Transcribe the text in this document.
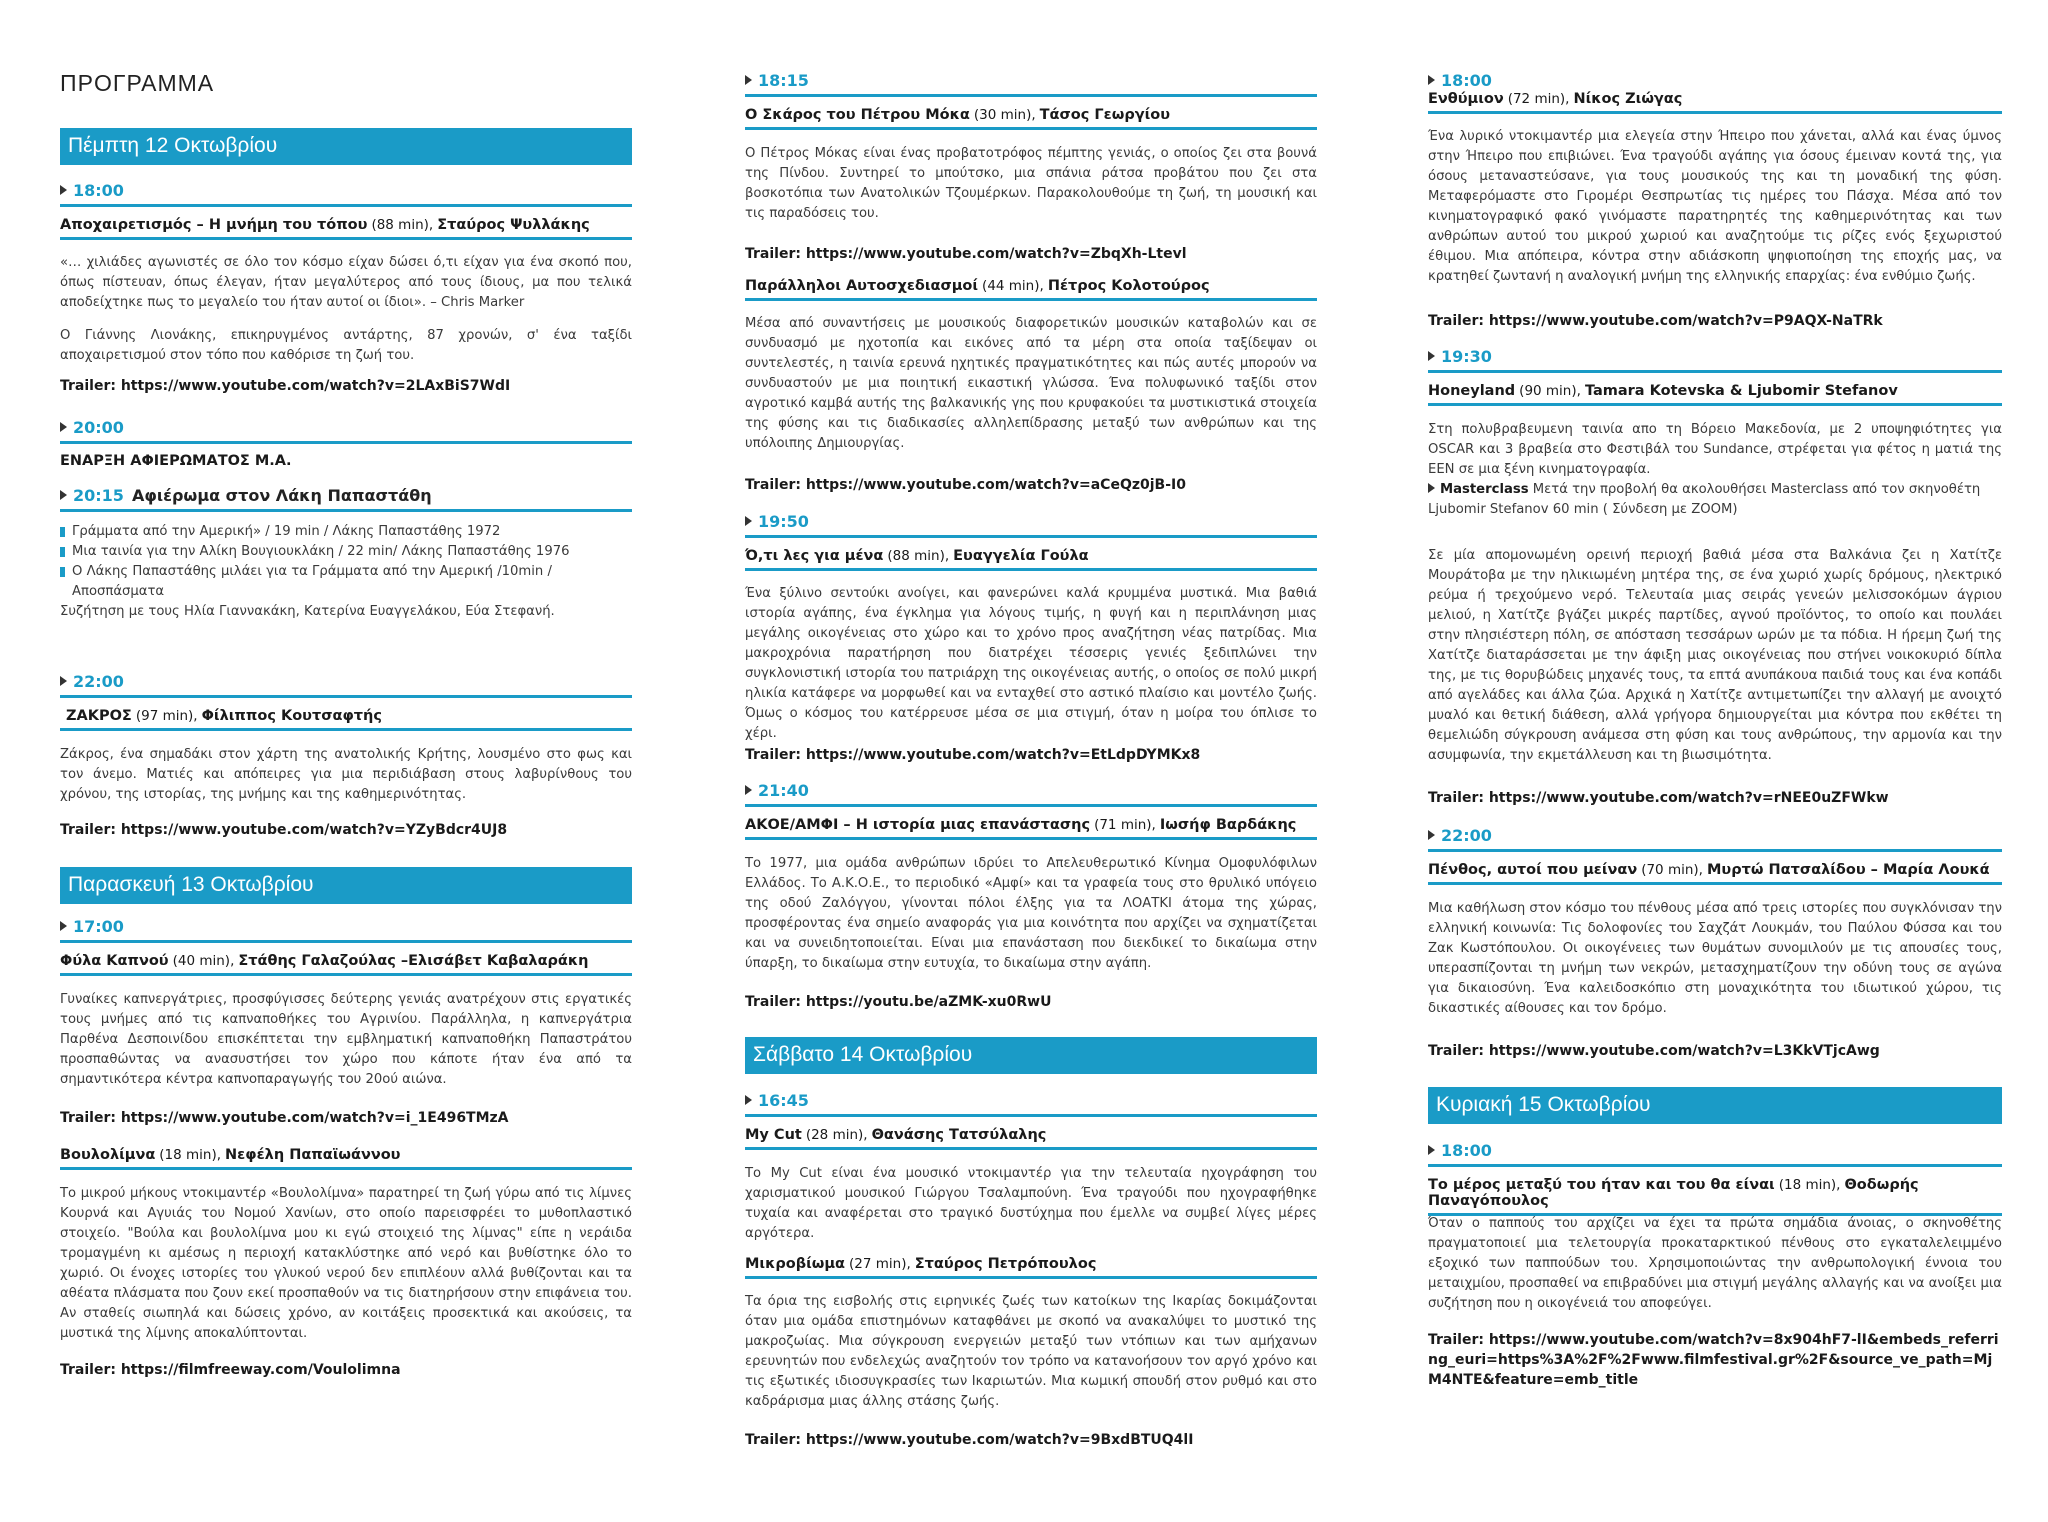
ΠΡΟΓΡΑΜΜΑ
Πέμπτη 12 Οκτωβρίου
18:00
Αποχαιρετισμός – Η μνήμη του τόπου (88 min), Σταύρος Ψυλλάκης
«… χιλιάδες αγωνιστές σε όλο τον κόσμο είχαν δώσει ό,τι είχαν για ένα σκοπό που, όπως πίστευαν, όπως έλεγαν, ήταν μεγαλύτερος από τους ίδιους, μα που τελικά αποδείχτηκε πως το μεγαλείο του ήταν αυτοί οι ίδιοι». – Chris Marker
Ο Γιάννης Λιονάκης, επικηρυγμένος αντάρτης, 87 χρονών, σ' ένα ταξίδι αποχαιρετισμού στον τόπο που καθόρισε τη ζωή του.
Trailer: https://www.youtube.com/watch?v=2LAxBiS7WdI
20:00
ΕΝΑΡΞΗ ΑΦΙΕΡΩΜΑΤΟΣ Μ.Α.
20:15 Αφιέρωμα στον Λάκη Παπαστάθη
Γράμματα από την Αμερική» / 19 min / Λάκης Παπαστάθης 1972
Μια ταινία για την Αλίκη Βουγιουκλάκη / 22 min/ Λάκης Παπαστάθης 1976
Ο Λάκης Παπαστάθης μιλάει για τα Γράμματα από την Αμερική /10min / Αποσπάσματα
Συζήτηση με τους Ηλία Γιαννακάκη, Κατερίνα Ευαγγελάκου, Εύα Στεφανή.
22:00
ΖΑΚΡΟΣ (97 min), Φίλιππος Κουτσαφτής
Ζάκρος, ένα σημαδάκι στον χάρτη της ανατολικής Κρήτης, λουσμένο στο φως και τον άνεμο. Ματιές και απόπειρες για μια περιδιάβαση στους λαβυρίνθους του χρόνου, της ιστορίας, της μνήμης και της καθημερινότητας.
Trailer: https://www.youtube.com/watch?v=YZyBdcr4UJ8
Παρασκευή 13 Οκτωβρίου
17:00
Φύλα Καπνού (40 min), Στάθης Γαλαζούλας –Ελισάβετ Καβαλαράκη
Γυναίκες καπνεργάτριες, προσφύγισσες δεύτερης γενιάς ανατρέχουν στις εργατικές τους μνήμες από τις καπναποθήκες του Αγρινίου. Παράλληλα, η καπνεργάτρια Παρθένα Δεσποινίδου επισκέπτεται την εμβληματική καπναποθήκη Παπαστράτου προσπαθώντας να ανασυστήσει τον χώρο που κάποτε ήταν ένα από τα σημαντικότερα κέντρα καπνοπαραγωγής του 20ού αιώνα.
Trailer: https://www.youtube.com/watch?v=i_1E496TMzA
Βουλολίμνα (18 min), Νεφέλη Παπαϊωάννου
Το μικρού μήκους ντοκιμαντέρ «Βουλολίμνα» παρατηρεί τη ζωή γύρω από τις λίμνες Κουρνά και Αγυιάς του Νομού Χανίων, στο οποίο παρεισφρέει το μυθοπλαστικό στοιχείο. "Βούλα και βουλολίμνα μου κι εγώ στοιχειό της λίμνας" είπε η νεράιδα τρομαγμένη κι αμέσως η περιοχή κατακλύστηκε από νερό και βυθίστηκε όλο το χωριό. Οι ένοχες ιστορίες του γλυκού νερού δεν επιπλέουν αλλά βυθίζονται και τα αθέατα πλάσματα που ζουν εκεί προσπαθούν να τις διατηρήσουν στην επιφάνεια του. Αν σταθείς σιωπηλά και δώσεις χρόνο, αν κοιτάξεις προσεκτικά και ακούσεις, τα μυστικά της λίμνης αποκαλύπτονται.
Trailer: https://filmfreeway.com/Voulolimna
18:15
Ο Σκάρος του Πέτρου Μόκα (30 min), Τάσος Γεωργίου
Ο Πέτρος Μόκας είναι ένας προβατοτρόφος πέμπτης γενιάς, ο οποίος ζει στα βουνά της Πίνδου. Συντηρεί το μπούτσκο, μια σπάνια ράτσα προβάτου που ζει στα βοσκοτόπια των Ανατολικών Τζουμέρκων. Παρακολουθούμε τη ζωή, τη μουσική και τις παραδόσεις του.
Trailer: https://www.youtube.com/watch?v=ZbqXh-Ltevl
Παράλληλοι Αυτοσχεδιασμοί (44 min), Πέτρος Κολοτούρος
Μέσα από συναντήσεις με μουσικούς διαφορετικών μουσικών καταβολών και σε συνδυασμό με ηχοτοπία και εικόνες από τα μέρη στα οποία ταξίδεψαν οι συντελεστές, η ταινία ερευνά ηχητικές πραγματικότητες και πώς αυτές μπορούν να συνδυαστούν με μια ποιητική εικαστική γλώσσα. Ένα πολυφωνικό ταξίδι στον αγροτικό καμβά αυτής της βαλκανικής γης που κρυφακούει τα μυστικιστικά στοιχεία της φύσης και τις διαδικασίες αλληλεπίδρασης μεταξύ των ανθρώπων και της υπόλοιπης Δημιουργίας.
Trailer: https://www.youtube.com/watch?v=aCeQz0jB-I0
19:50
Ό,τι λες για μένα (88 min), Ευαγγελία Γούλα
Ένα ξύλινο σεντούκι ανοίγει, και φανερώνει καλά κρυμμένα μυστικά. Μια βαθιά ιστορία αγάπης, ένα έγκλημα για λόγους τιμής, η φυγή και η περιπλάνηση μιας μεγάλης οικογένειας στο χώρο και το χρόνο προς αναζήτηση νέας πατρίδας. Μια μακροχρόνια παρατήρηση που διατρέχει τέσσερις γενιές ξεδιπλώνει την συγκλονιστική ιστορία του πατριάρχη της οικογένειας αυτής, ο οποίος σε πολύ μικρή ηλικία κατάφερε να μορφωθεί και να ενταχθεί στο αστικό πλαίσιο και μοντέλο ζωής. Όμως ο κόσμος του κατέρρευσε μέσα σε μια στιγμή, όταν η μοίρα του όπλισε το χέρι.
Trailer: https://www.youtube.com/watch?v=EtLdpDYMKx8
21:40
ΑΚΟΕ/ΑΜΦΙ – Η ιστορία μιας επανάστασης (71 min), Ιωσήφ Βαρδάκης
Το 1977, μια ομάδα ανθρώπων ιδρύει το Απελευθερωτικό Κίνημα Ομοφυλόφιλων Ελλάδος. Το Α.Κ.Ο.Ε., το περιοδικό «Αμφί» και τα γραφεία τους στο θρυλικό υπόγειο της οδού Ζαλόγγου, γίνονται πόλοι έλξης για τα ΛΟΑΤΚΙ άτομα της χώρας, προσφέροντας ένα σημείο αναφοράς για μια κοινότητα που αρχίζει να σχηματίζεται και να συνειδητοποιείται. Είναι μια επανάσταση που διεκδικεί το δικαίωμα στην ύπαρξη, το δικαίωμα στην ευτυχία, το δικαίωμα στην αγάπη.
Trailer: https://youtu.be/aZMK-xu0RwU
Σάββατο 14 Οκτωβρίου
16:45
My Cut (28 min), Θανάσης Τατσύλαλης
Το My Cut είναι ένα μουσικό ντοκιμαντέρ για την τελευταία ηχογράφηση του χαρισματικού μουσικού Γιώργου Τσαλαμπούνη. Ένα τραγούδι που ηχογραφήθηκε τυχαία και αναφέρεται στο τραγικό δυστύχημα που έμελλε να συμβεί λίγες μέρες αργότερα.
Μικροβίωμα (27 min), Σταύρος Πετρόπουλος
Τα όρια της εισβολής στις ειρηνικές ζωές των κατοίκων της Ικαρίας δοκιμάζονται όταν μια ομάδα επιστημόνων καταφθάνει με σκοπό να ανακαλύψει το μυστικό της μακροζωίας. Μια σύγκρουση ενεργειών μεταξύ των ντόπιων και των αμήχανων ερευνητών που ενδελεχώς αναζητούν τον τρόπο να κατανοήσουν τον αργό χρόνο και τις εξωτικές ιδιοσυγκρασίες των Ικαριωτών. Μια κωμική σπουδή στον ρυθμό και στο καδράρισμα μιας άλλης στάσης ζωής.
Trailer: https://www.youtube.com/watch?v=9BxdBTUQ4lI
18:00
Ενθύμιον (72 min), Νίκος Ζιώγας
Ένα λυρικό ντοκιμαντέρ μια ελεγεία στην Ήπειρο που χάνεται, αλλά και ένας ύμνος στην Ήπειρο που επιβιώνει. Ένα τραγούδι αγάπης για όσους έμειναν κοντά της, για όσους μεταναστεύσανε, για τους μουσικούς της και τη μοναδική της φύση. Μεταφερόμαστε στο Γιρομέρι Θεσπρωτίας τις ημέρες του Πάσχα. Μέσα από τον κινηματογραφικό φακό γινόμαστε παρατηρητές της καθημερινότητας και των ανθρώπων αυτού του μικρού χωριού και αναζητούμε τις ρίζες ενός ξεχωριστού έθιμου. Μια απόπειρα, κόντρα στην αδιάσκοπη ψηφιοποίηση της εποχής μας, να κρατηθεί ζωντανή η αναλογική μνήμη της ελληνικής επαρχίας: ένα ενθύμιο ζωής.
Trailer: https://www.youtube.com/watch?v=P9AQX-NaTRk
19:30
Honeyland (90 min), Tamara Kotevska & Ljubomir Stefanov
Στη πολυβραβευμενη ταινία απο τη Βόρειο Μακεδονία, με 2 υποψηφιότητες για OSCAR και 3 βραβεία στο Φεστιβάλ του Sundance, στρέφεται για φέτος η ματιά της ΕΕΝ σε μια ξένη κινηματογραφία.
Masterclass Μετά την προβολή θα ακολουθήσει Masterclass από τον σκηνοθέτη Ljubomir Stefanov 60 min ( Σύνδεση με ZOOM)
Σε μία απομονωμένη ορεινή περιοχή βαθιά μέσα στα Βαλκάνια ζει η Χατίτζε Μουράτοβα με την ηλικιωμένη μητέρα της, σε ένα χωριό χωρίς δρόμους, ηλεκτρικό ρεύμα ή τρεχούμενο νερό. Τελευταία μιας σειράς γενεών μελισσοκόμων άγριου μελιού, η Χατίτζε βγάζει μικρές παρτίδες, αγνού προϊόντος, το οποίο και πουλάει στην πλησιέστερη πόλη, σε απόσταση τεσσάρων ωρών με τα πόδια. Η ήρεμη ζωή της Χατίτζε διαταράσσεται με την άφιξη μιας οικογένειας που στήνει νοικοκυριό δίπλα της, με τις θορυβώδεις μηχανές τους, τα επτά ανυπάκουα παιδιά τους και ένα κοπάδι από αγελάδες και άλλα ζώα. Αρχικά η Χατίτζε αντιμετωπίζει την αλλαγή με ανοιχτό μυαλό και θετική διάθεση, αλλά γρήγορα δημιουργείται μια κόντρα που εκθέτει τη θεμελιώδη σύγκρουση ανάμεσα στη φύση και τους ανθρώπους, την αρμονία και την ασυμφωνία, την εκμετάλλευση και τη βιωσιμότητα.
Trailer: https://www.youtube.com/watch?v=rNEE0uZFWkw
22:00
Πένθος, αυτοί που μείναν (70 min), Μυρτώ Πατσαλίδου – Μαρία Λουκά
Μια καθήλωση στον κόσμο του πένθους μέσα από τρεις ιστορίες που συγκλόνισαν την ελληνική κοινωνία: Τις δολοφονίες του Σαχζάτ Λουκμάν, του Παύλου Φύσσα και του Ζακ Κωστόπουλου. Οι οικογένειες των θυμάτων συνομιλούν με τις απουσίες τους, υπερασπίζονται τη μνήμη των νεκρών, μετασχηματίζουν την οδύνη τους σε αγώνα για δικαιοσύνη. Ένα καλειδοσκόπιο στη μοναχικότητα του ιδιωτικού χώρου, τις δικαστικές αίθουσες και τον δρόμο.
Trailer: https://www.youtube.com/watch?v=L3KkVTjcAwg
Κυριακή 15 Οκτωβρίου
18:00
Το μέρος μεταξύ του ήταν και του θα είναι (18 min), Θοδωρής Παναγόπουλος
Όταν ο παππούς του αρχίζει να έχει τα πρώτα σημάδια άνοιας, ο σκηνοθέτης πραγματοποιεί μια τελετουργία προκαταρκτικού πένθους στο εγκαταλελειμμένο εξοχικό των παππούδων του. Χρησιμοποιώντας την ανθρωπολογική έννοια του μεταιχμίου, προσπαθεί να επιβραδύνει μια στιγμή μεγάλης αλλαγής και να ανοίξει μια συζήτηση που η οικογένειά του αποφεύγει.
Trailer: https://www.youtube.com/watch?v=8x904hF7-lI&embeds_referring_euri=https%3A%2F%2Fwww.filmfestival.gr%2F&source_ve_path=MjM4NTE&feature=emb_title
